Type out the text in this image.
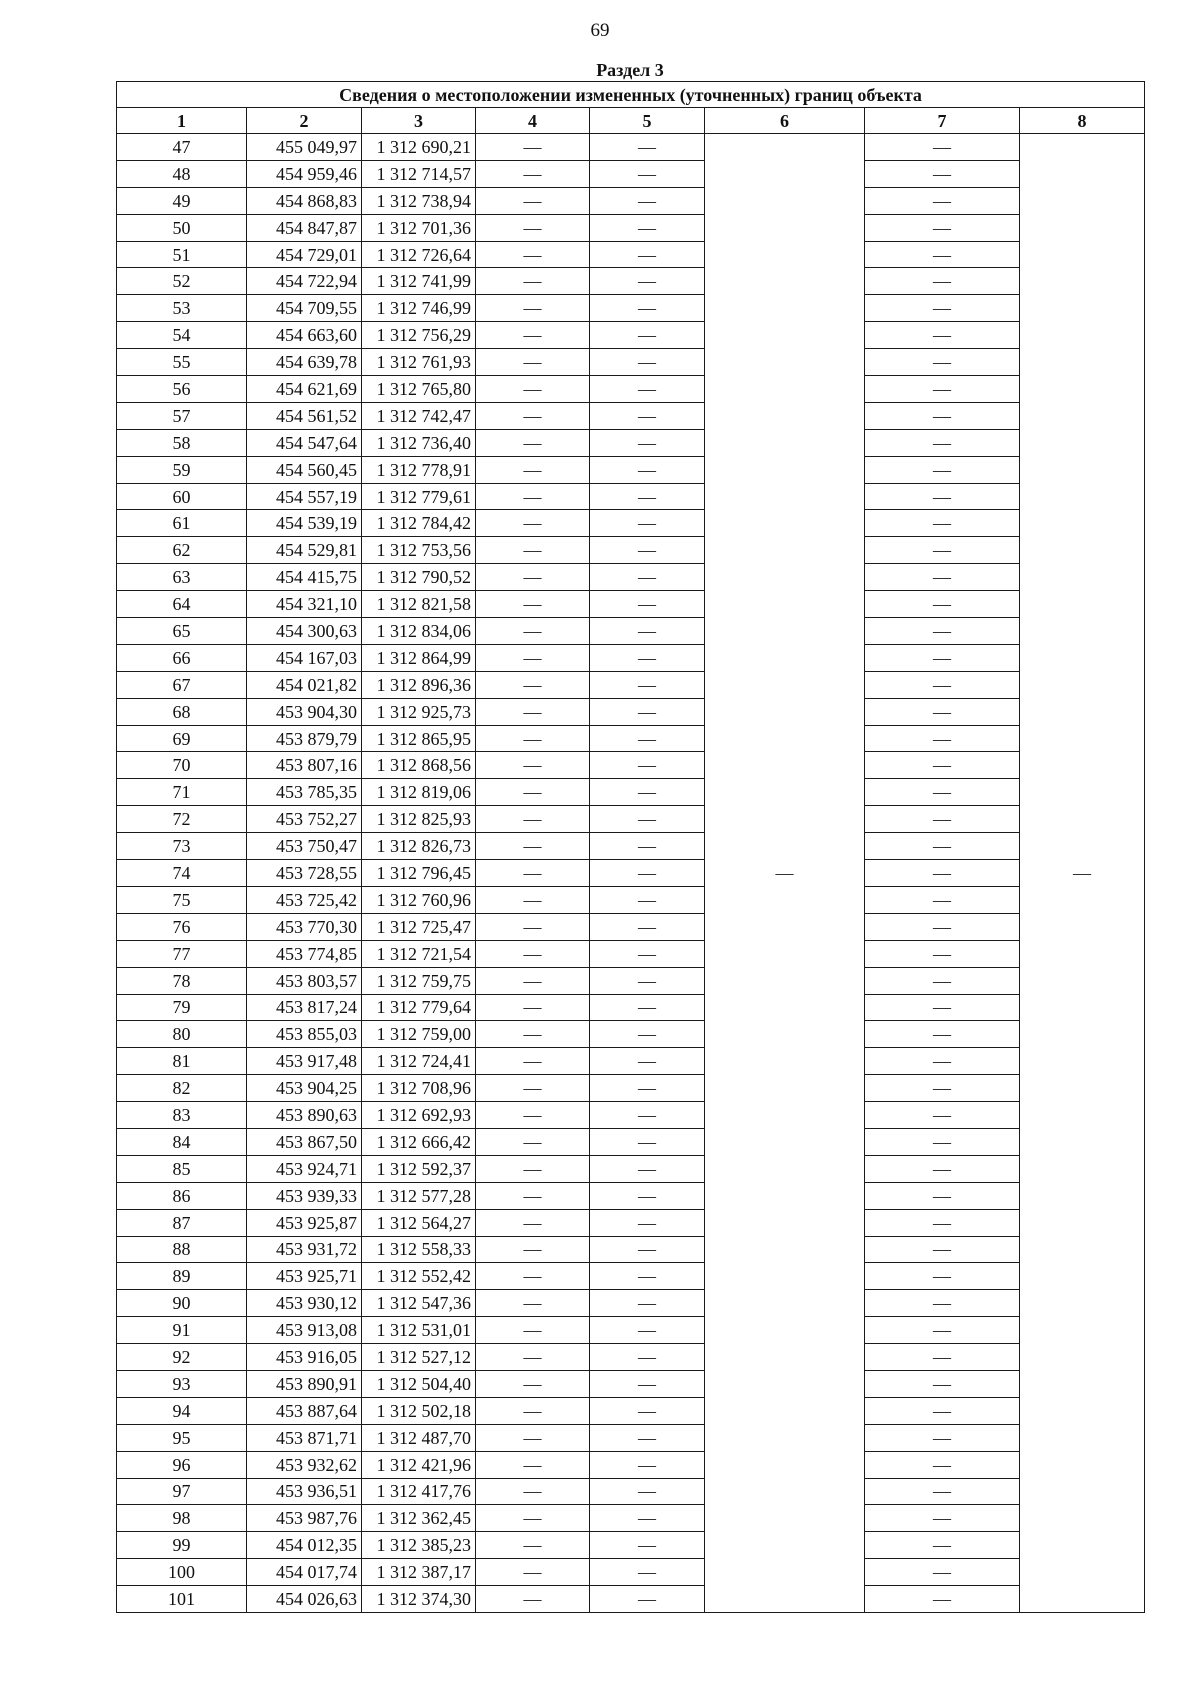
69
Раздел 3
Сведения о местоположении измененных (уточненных) границ объекта							
1	2	3	4	5	6	7	8
47	455 049,97	1 312 690,21	—	—	—	—	—
48	454 959,46	1 312 714,57	—	—		—	
49	454 868,83	1 312 738,94	—	—		—	
50	454 847,87	1 312 701,36	—	—		—	
51	454 729,01	1 312 726,64	—	—		—	
52	454 722,94	1 312 741,99	—	—		—	
53	454 709,55	1 312 746,99	—	—		—	
54	454 663,60	1 312 756,29	—	—		—	
55	454 639,78	1 312 761,93	—	—		—	
56	454 621,69	1 312 765,80	—	—		—	
57	454 561,52	1 312 742,47	—	—		—	
58	454 547,64	1 312 736,40	—	—		—	
59	454 560,45	1 312 778,91	—	—		—	
60	454 557,19	1 312 779,61	—	—		—	
61	454 539,19	1 312 784,42	—	—		—	
62	454 529,81	1 312 753,56	—	—		—	
63	454 415,75	1 312 790,52	—	—		—	
64	454 321,10	1 312 821,58	—	—		—	
65	454 300,63	1 312 834,06	—	—		—	
66	454 167,03	1 312 864,99	—	—		—	
67	454 021,82	1 312 896,36	—	—		—	
68	453 904,30	1 312 925,73	—	—		—	
69	453 879,79	1 312 865,95	—	—		—	
70	453 807,16	1 312 868,56	—	—		—	
71	453 785,35	1 312 819,06	—	—		—	
72	453 752,27	1 312 825,93	—	—		—	
73	453 750,47	1 312 826,73	—	—		—	
74	453 728,55	1 312 796,45	—	—		—	
75	453 725,42	1 312 760,96	—	—		—	
76	453 770,30	1 312 725,47	—	—		—	
77	453 774,85	1 312 721,54	—	—		—	
78	453 803,57	1 312 759,75	—	—		—	
79	453 817,24	1 312 779,64	—	—		—	
80	453 855,03	1 312 759,00	—	—		—	
81	453 917,48	1 312 724,41	—	—		—	
82	453 904,25	1 312 708,96	—	—		—	
83	453 890,63	1 312 692,93	—	—		—	
84	453 867,50	1 312 666,42	—	—		—	
85	453 924,71	1 312 592,37	—	—		—	
86	453 939,33	1 312 577,28	—	—		—	
87	453 925,87	1 312 564,27	—	—		—	
88	453 931,72	1 312 558,33	—	—		—	
89	453 925,71	1 312 552,42	—	—		—	
90	453 930,12	1 312 547,36	—	—		—	
91	453 913,08	1 312 531,01	—	—		—	
92	453 916,05	1 312 527,12	—	—		—	
93	453 890,91	1 312 504,40	—	—		—	
94	453 887,64	1 312 502,18	—	—		—	
95	453 871,71	1 312 487,70	—	—		—	
96	453 932,62	1 312 421,96	—	—		—	
97	453 936,51	1 312 417,76	—	—		—	
98	453 987,76	1 312 362,45	—	—		—	
99	454 012,35	1 312 385,23	—	—		—	
100	454 017,74	1 312 387,17	—	—		—	
101	454 026,63	1 312 374,30	—	—		—	
